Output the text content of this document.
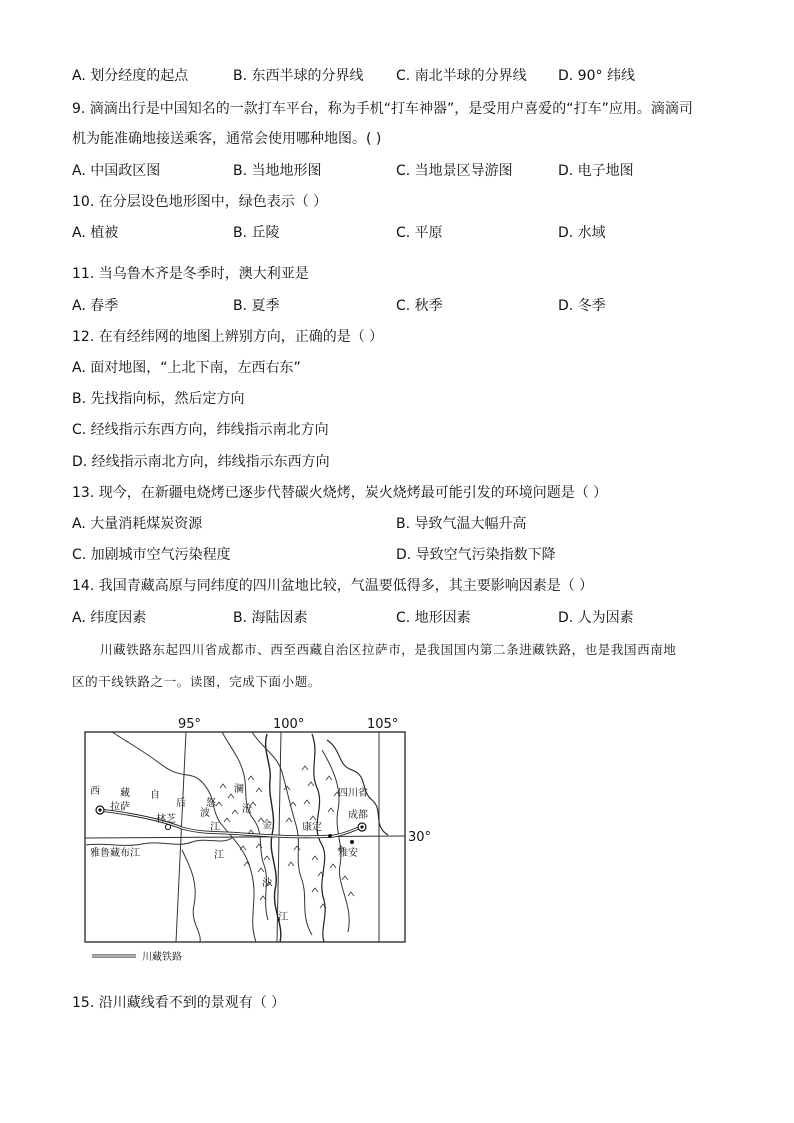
A. 划分经度的起点	B. 东西半球的分界线 C. 南北半球的分界线 D. 90° 纬线
9. 滴滴出行是中国知名的一款打车平台，称为手机“打车神器”，是受用户喜爱的“打车”应用。滴滴司
机为能准确地接送乘客，通常会使用哪种地图。( )
A. 中国政区图	B. 当地地形图	C. 当地景区导游图	D. 电子地图
10. 在分层设色地形图中，绿色表示（ ）
A. 植被	B. 丘陵	C. 平原	D. 水域
11. 当乌鲁木齐是冬季时，澳大利亚是
A. 春季	B. 夏季	C. 秋季	D. 冬季
12. 在有经纬网的地图上辨别方向，正确的是（ ）
A. 面对地图，“上北下南，左西右东”
B. 先找指向标，然后定方向
C. 经线指示东西方向，纬线指示南北方向
D. 经线指示南北方向，纬线指示东西方向
13. 现今，在新疆电烧烤已逐步代替碳火烧烤，炭火烧烤最可能引发的环境问题是（ ）
A. 大量消耗煤炭资源	B. 导致气温大幅升高
C. 加剧城市空气污染程度	D. 导致空气污染指数下降
14. 我国青藏高原与同纬度的四川盆地比较，气温要低得多，其主要影响因素是（ ）
A. 纬度因素	B. 海陆因素	C. 地形因素	D. 人为因素
川藏铁路东起四川省成都市、西至西藏自治区拉萨市，是我国国内第二条进藏铁路，也是我国西南地
区的干线铁路之一。读图，完成下面小题。
95°	100°	105°
30°
西 藏 自
拉萨
林芝
雅鲁藏布江
后
波
江
怒
江
澜
沧
金
沙
江
康定
四川省
成都
雅安
川藏铁路
15. 沿川藏线看不到的景观有（ ）
